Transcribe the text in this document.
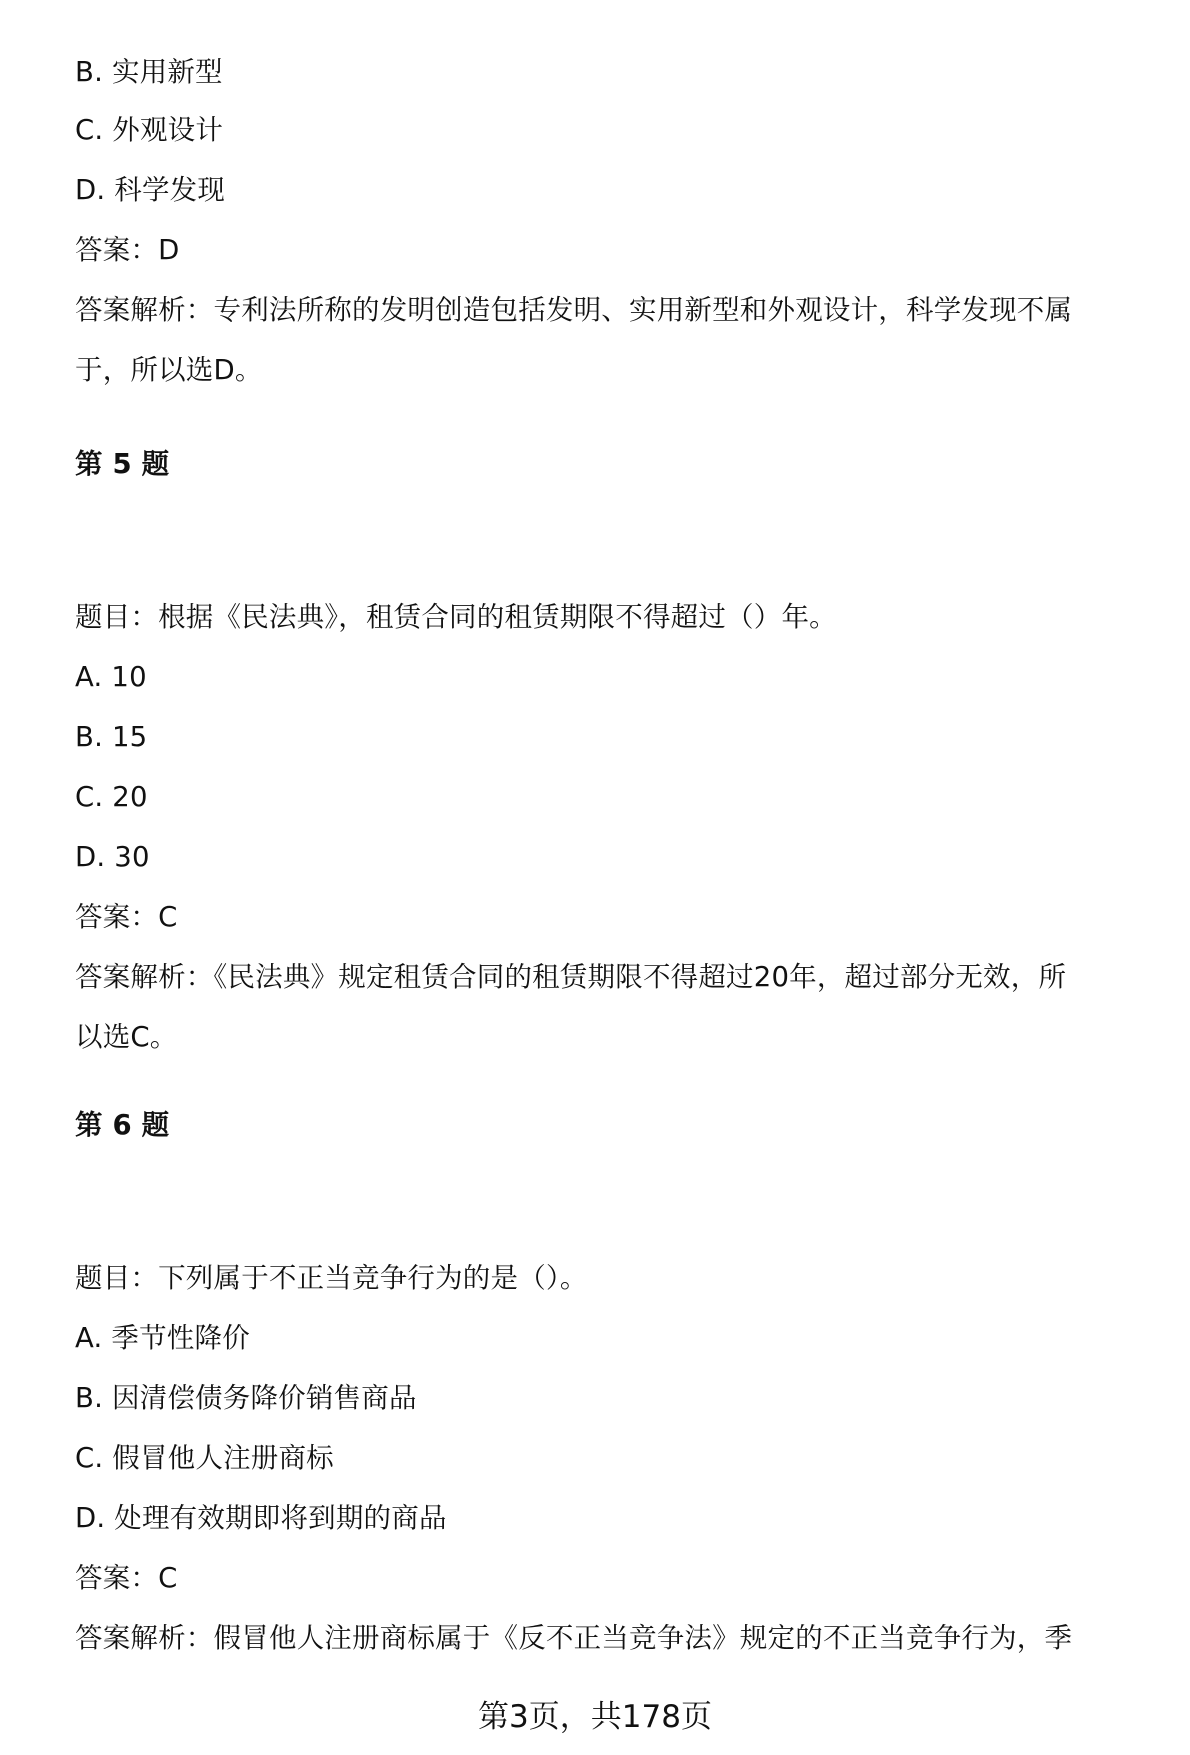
B. 实用新型
C. 外观设计
D. 科学发现
答案：D
答案解析：专利法所称的发明创造包括发明、实用新型和外观设计，科学发现不属
于，所以选D。
第 5 题
题目：根据《民法典》，租赁合同的租赁期限不得超过（）年。
A. 10
B. 15
C. 20
D. 30
答案：C
答案解析：《民法典》规定租赁合同的租赁期限不得超过20年，超过部分无效，所
以选C。
第 6 题
题目：下列属于不正当竞争行为的是（）。
A. 季节性降价
B. 因清偿债务降价销售商品
C. 假冒他人注册商标
D. 处理有效期即将到期的商品
答案：C
答案解析：假冒他人注册商标属于《反不正当竞争法》规定的不正当竞争行为，季
第3页，共178页
